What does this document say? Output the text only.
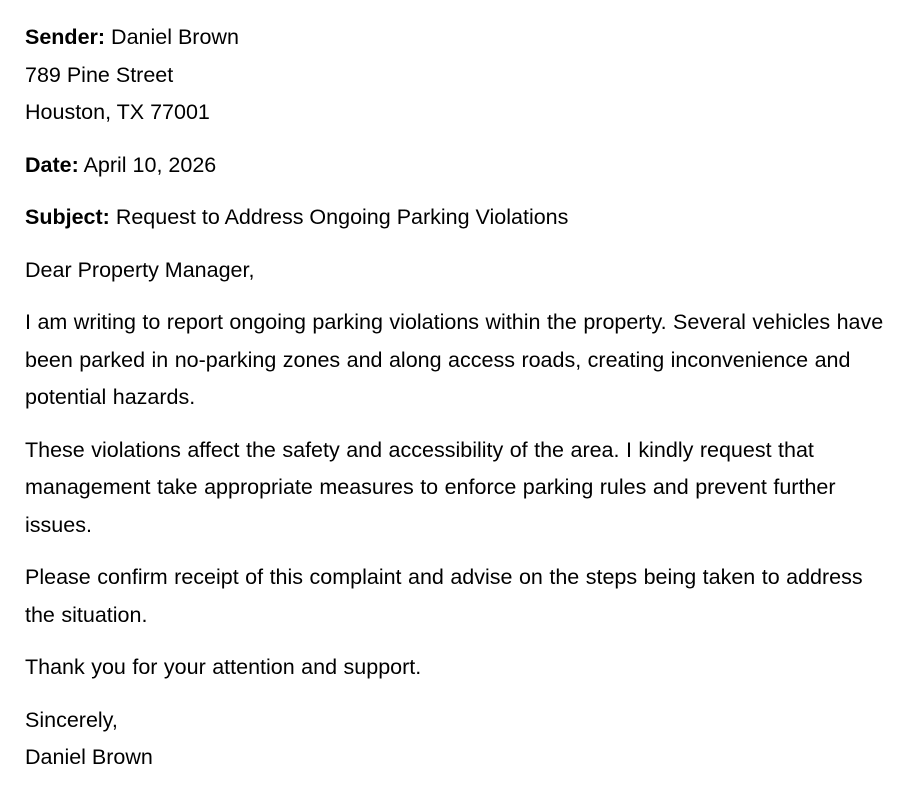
Sender: Daniel Brown

789 Pine Street

Houston, TX 77001

Date: April 10, 2026

Subject: Request to Address Ongoing Parking Violations

Dear Property Manager,

I am writing to report ongoing parking violations within the property. Several vehicles have been parked in no-parking zones and along access roads, creating inconvenience and potential hazards.

These violations affect the safety and accessibility of the area. I kindly request that management take appropriate measures to enforce parking rules and prevent further issues.

Please confirm receipt of this complaint and advise on the steps being taken to address the situation.

Thank you for your attention and support.

Sincerely,

Daniel Brown
